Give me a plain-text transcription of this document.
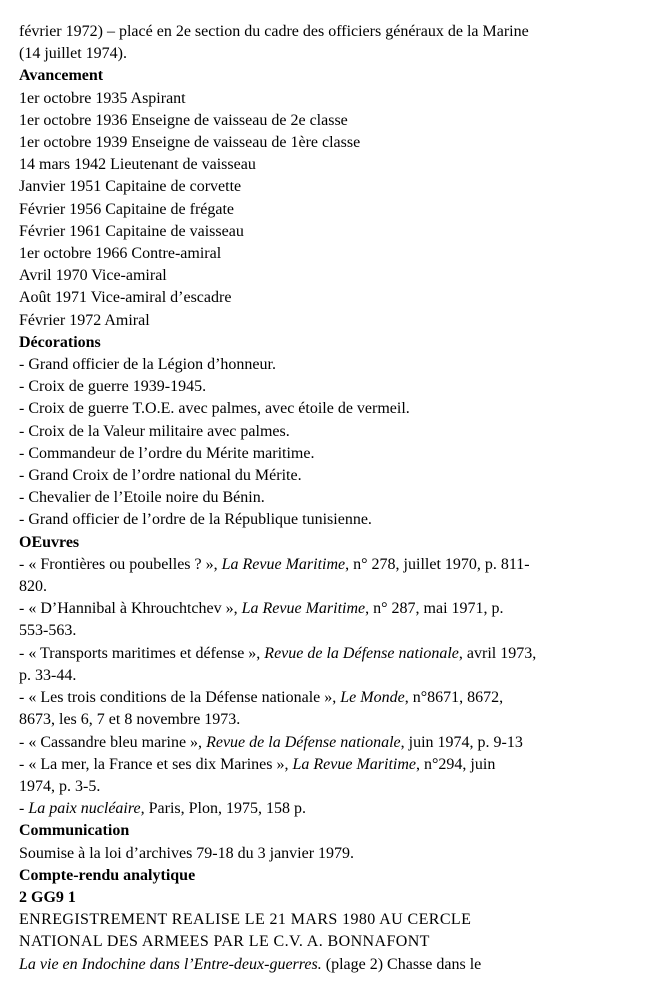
février 1972) – placé en 2e section du cadre des officiers généraux de la Marine
(14 juillet 1974).
Avancement
1er octobre 1935 Aspirant
1er octobre 1936 Enseigne de vaisseau de 2e classe
1er octobre 1939 Enseigne de vaisseau de 1ère classe
14 mars 1942 Lieutenant de vaisseau
Janvier 1951 Capitaine de corvette
Février 1956 Capitaine de frégate
Février 1961 Capitaine de vaisseau
1er octobre 1966 Contre-amiral
Avril 1970 Vice-amiral
Août 1971 Vice-amiral d’escadre
Février 1972 Amiral
Décorations
- Grand officier de la Légion d’honneur.
- Croix de guerre 1939-1945.
- Croix de guerre T.O.E. avec palmes, avec étoile de vermeil.
- Croix de la Valeur militaire avec palmes.
- Commandeur de l’ordre du Mérite maritime.
- Grand Croix de l’ordre national du Mérite.
- Chevalier de l’Etoile noire du Bénin.
- Grand officier de l’ordre de la République tunisienne.
OEuvres
- « Frontières ou poubelles ? », La Revue Maritime, n° 278, juillet 1970, p. 811-
820.
- « D’Hannibal à Khrouchtchev », La Revue Maritime, n° 287, mai 1971, p.
553-563.
- « Transports maritimes et défense », Revue de la Défense nationale, avril 1973,
p. 33-44.
- « Les trois conditions de la Défense nationale », Le Monde, n°8671, 8672,
8673, les 6, 7 et 8 novembre 1973.
- « Cassandre bleu marine », Revue de la Défense nationale, juin 1974, p. 9-13
- « La mer, la France et ses dix Marines », La Revue Maritime, n°294, juin
1974, p. 3-5.
- La paix nucléaire, Paris, Plon, 1975, 158 p.
Communication
Soumise à la loi d’archives 79-18 du 3 janvier 1979.
Compte-rendu analytique
2 GG9 1
ENREGISTREMENT REALISE LE 21 MARS 1980 AU CERCLE
NATIONAL DES ARMEES PAR LE C.V. A. BONNAFONT
La vie en Indochine dans l’Entre-deux-guerres. (plage 2) Chasse dans le
